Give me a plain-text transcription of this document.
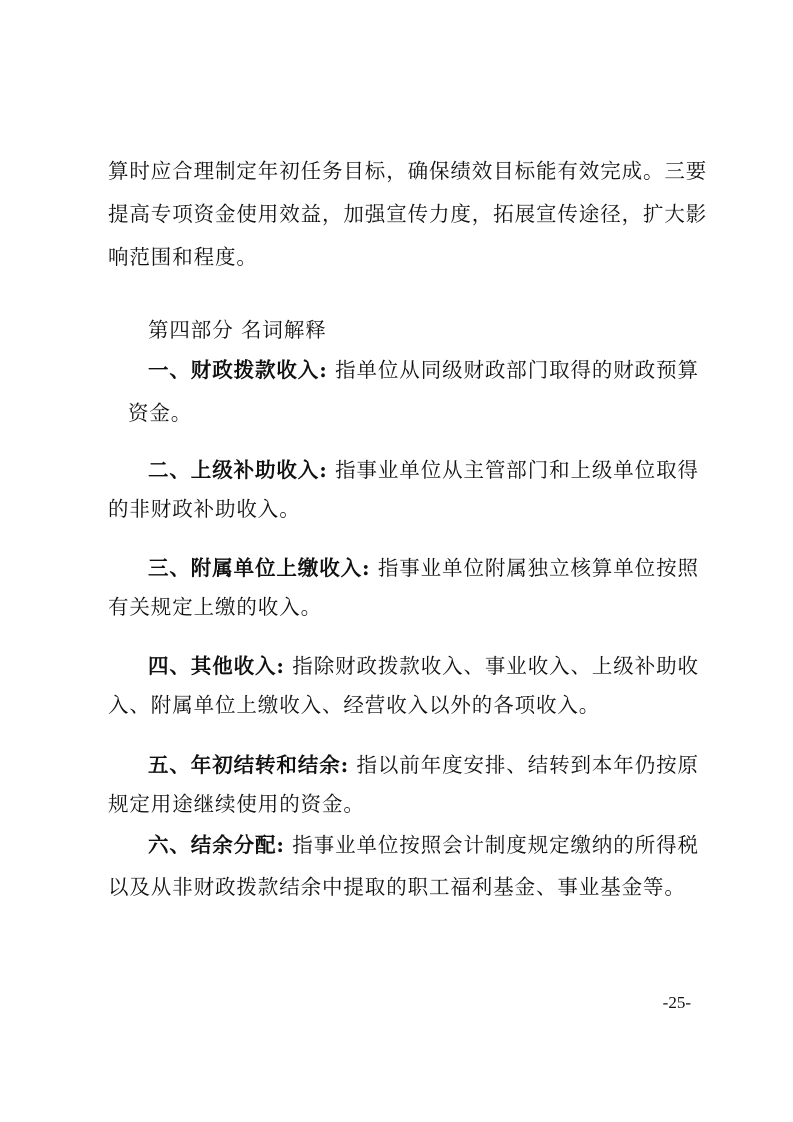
算时应合理制定年初任务目标，确保绩效目标能有效完成。三要
提高专项资金使用效益，加强宣传力度，拓展宣传途径，扩大影
响范围和程度。
第四部分 名词解释
一、财政拨款收入: 指单位从同级财政部门取得的财政预算
资金。
二、上级补助收入: 指事业单位从主管部门和上级单位取得
的非财政补助收入。
三、附属单位上缴收入: 指事业单位附属独立核算单位按照
有关规定上缴的收入。
四、其他收入: 指除财政拨款收入、事业收入、上级补助收
入、附属单位上缴收入、经营收入以外的各项收入。
五、年初结转和结余: 指以前年度安排、结转到本年仍按原
规定用途继续使用的资金。
六、结余分配: 指事业单位按照会计制度规定缴纳的所得税
以及从非财政拨款结余中提取的职工福利基金、事业基金等。
-25-
